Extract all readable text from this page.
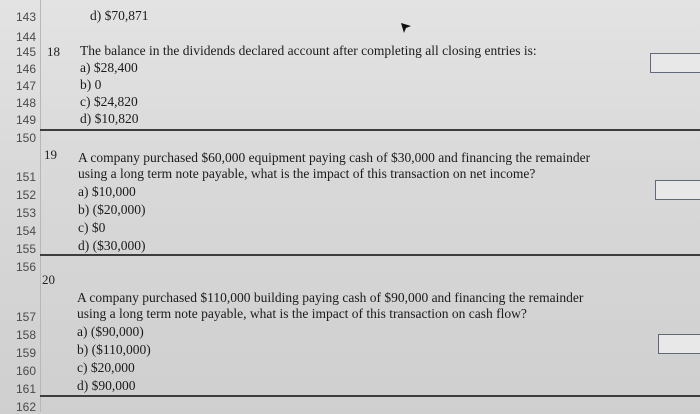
143
144
145
146
147
148
149
150
151
152
153
154
155
156
157
158
159
160
161
162
d) $70,871
18 The balance in the dividends declared account after completing all closing entries is:
a) $28,400
b) 0
c) $24,820
d) $10,820
19 A company purchased $60,000 equipment paying cash of $30,000 and financing the remainder
using a long term note payable, what is the impact of this transaction on net income?
a) $10,000
b) ($20,000)
c) $0
d) ($30,000)
20
A company purchased $110,000 building paying cash of $90,000 and financing the remainder
using a long term note payable, what is the impact of this transaction on cash flow?
a) ($90,000)
b) ($110,000)
c) $20,000
d) $90,000
